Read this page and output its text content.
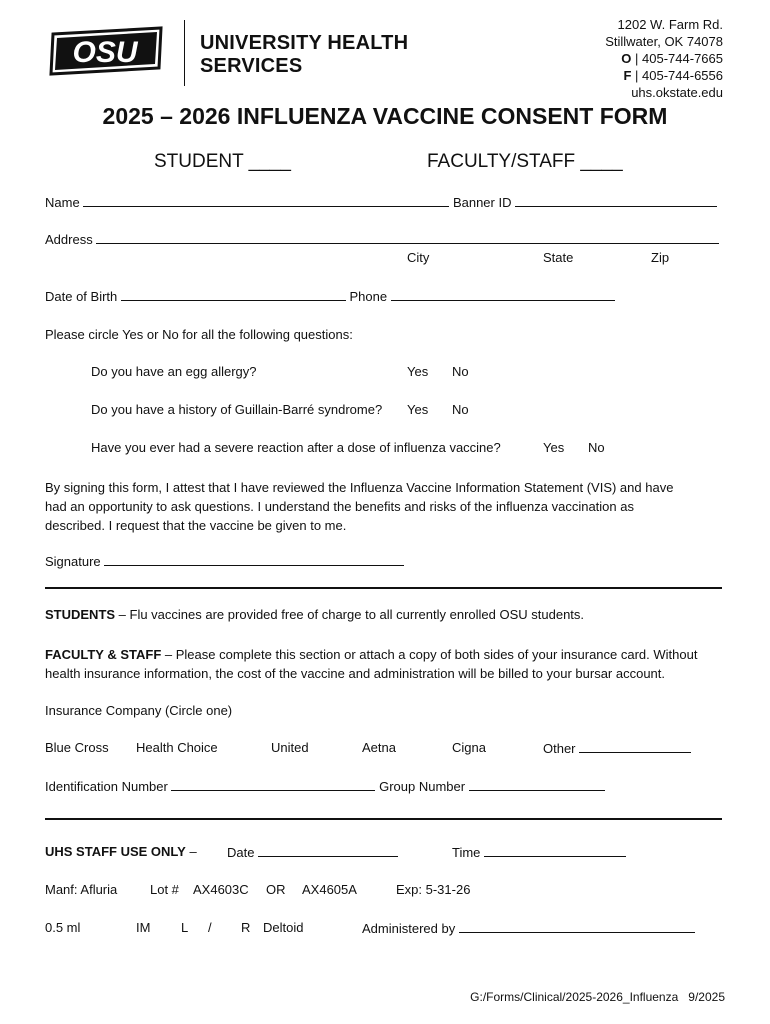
OSU	UNIVERSITY HEALTH
SERVICES
1202 W. Farm Rd.
Stillwater, OK 74078
O | 405-744-7665
F | 405-744-6556
uhs.okstate.edu
2025 – 2026 INFLUENZA VACCINE CONSENT FORM
STUDENT ____	FACULTY/STAFF ____
Name	Banner ID
Address
City	State	Zip
Date of Birth	Phone
Please circle Yes or No for all the following questions:
Do you have an egg allergy?	Yes No
Do you have a history of Guillain-Barré syndrome? Yes No
Have you ever had a severe reaction after a dose of influenza vaccine?	Yes No
By signing this form, I attest that I have reviewed the Influenza Vaccine Information Statement (VIS) and have
had an opportunity to ask questions. I understand the benefits and risks of the influenza vaccination as
described. I request that the vaccine be given to me.
Signature
STUDENTS – Flu vaccines are provided free of charge to all currently enrolled OSU students.
FACULTY & STAFF – Please complete this section or attach a copy of both sides of your insurance card. Without
health insurance information, the cost of the vaccine and administration will be billed to your bursar account.
Insurance Company (Circle one)
Blue Cross Health Choice	United	Aetna	Cigna	Other
Identification Number	Group Number
UHS STAFF USE ONLY – Date	Time
Manf: Afluria	Lot # AX4603C OR AX4605A	Exp: 5-31-26
0.5 ml	IM L / R Deltoid	Administered by
G:/Forms/Clinical/2025-2026_Influenza 9/2025
